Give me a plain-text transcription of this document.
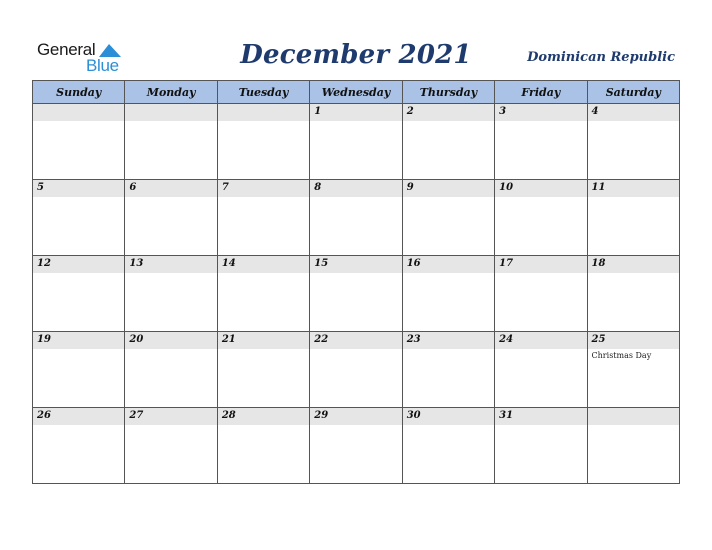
General
Blue	December 2021	Dominican Republic
Sunday	Monday	Tuesday	Wednesday	Thursday	Friday	Saturday

			1	2	3	4

5	6	7	8	9	10	11

12	13	14	15	16	17	18

19	20	21	22	23	24	25
Christmas Day

26	27	28	29	30	31	
